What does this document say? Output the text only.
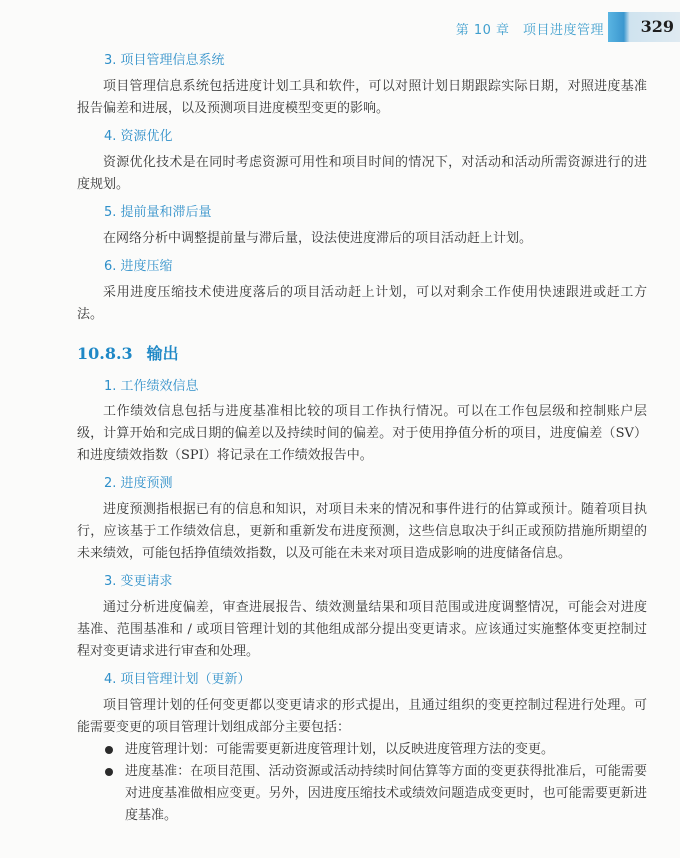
第 10 章　项目进度管理 329

3. 项目管理信息系统

项目管理信息系统包括进度计划工具和软件，可以对照计划日期跟踪实际日期，对照进度基准报告偏差和进展，以及预测项目进度模型变更的影响。

4. 资源优化

资源优化技术是在同时考虑资源可用性和项目时间的情况下，对活动和活动所需资源进行的进度规划。

5. 提前量和滞后量

在网络分析中调整提前量与滞后量，设法使进度滞后的项目活动赶上计划。

6. 进度压缩

采用进度压缩技术使进度落后的项目活动赶上计划，可以对剩余工作使用快速跟进或赶工方法。

10.8.3 输出

1. 工作绩效信息

工作绩效信息包括与进度基准相比较的项目工作执行情况。可以在工作包层级和控制账户层级，计算开始和完成日期的偏差以及持续时间的偏差。对于使用挣值分析的项目，进度偏差（SV）和进度绩效指数（SPI）将记录在工作绩效报告中。

2. 进度预测

进度预测指根据已有的信息和知识，对项目未来的情况和事件进行的估算或预计。随着项目执行，应该基于工作绩效信息，更新和重新发布进度预测，这些信息取决于纠正或预防措施所期望的未来绩效，可能包括挣值绩效指数，以及可能在未来对项目造成影响的进度储备信息。

3. 变更请求

通过分析进度偏差，审查进展报告、绩效测量结果和项目范围或进度调整情况，可能会对进度基准、范围基准和 / 或项目管理计划的其他组成部分提出变更请求。应该通过实施整体变更控制过程对变更请求进行审查和处理。

4. 项目管理计划（更新）

项目管理计划的任何变更都以变更请求的形式提出，且通过组织的变更控制过程进行处理。可能需要变更的项目管理计划组成部分主要包括：

进度管理计划：可能需要更新进度管理计划，以反映进度管理方法的变更。
进度基准：在项目范围、活动资源或活动持续时间估算等方面的变更获得批准后，可能需要对进度基准做相应变更。另外，因进度压缩技术或绩效问题造成变更时，也可能需要更新进度基准。
